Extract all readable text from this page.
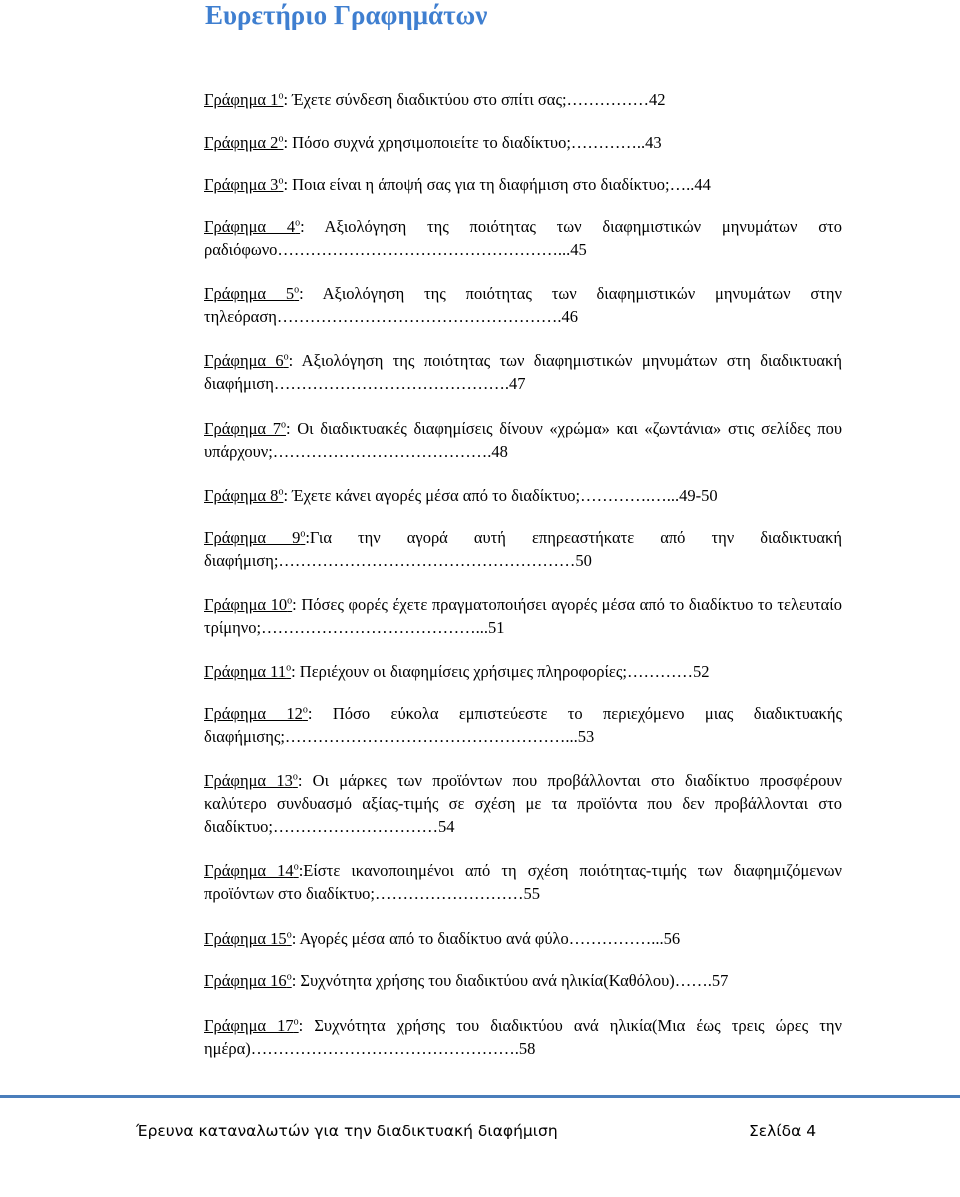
Ευρετήριο Γραφημάτων
Γράφημα $1^o$: Έχετε σύνδεση διαδικτύου στο σπίτι σας;……………42
Γράφημα $2^o$: Πόσο συχνά χρησιμοποιείτε το διαδίκτυο;…………..43
Γράφημα $3^o$: Ποια είναι η άποψή σας για τη διαφήμιση στο διαδίκτυο;…..44
Γράφημα $4^o$: Αξιολόγηση της ποιότητας των διαφημιστικών μηνυμάτων στο ραδιόφωνο……………………………………………...45
Γράφημα $5^o$: Αξιολόγηση της ποιότητας των διαφημιστικών μηνυμάτων στην τηλεόραση…………………………………………….46
Γράφημα $6^o$: Αξιολόγηση της ποιότητας των διαφημιστικών μηνυμάτων στη διαδικτυακή διαφήμιση…………………………………….47
Γράφημα $7^o$: Οι διαδικτυακές διαφημίσεις δίνουν «χρώμα» και «ζωντάνια» στις σελίδες που υπάρχουν;………………………………….48
Γράφημα $8^o$: Έχετε κάνει αγορές μέσα από το διαδίκτυο;………….…...49-50
Γράφημα $9^o:\Gamma\iota\alpha$ την αγορά αυτή επηρεαστήκατε από την διαδικτυακή διαφήμιση;………………………………………………50
Γράφημα $10^o$: Πόσες φορές έχετε πραγματοποιήσει αγορές μέσα από το διαδίκτυο το τελευταίο τρίμηνο;…………………………………...51
Γράφημα $11^o$: Περιέχουν οι διαφημίσεις χρήσιμες πληροφορίες;…………52
Γράφημα $12^o$: Πόσο εύκολα εμπιστεύεστε το περιεχόμενο μιας διαδικτυακής διαφήμισης;……………………………………………...53
Γράφημα $13^o$: Οι μάρκες των προϊόντων που προβάλλονται στο διαδίκτυο προσφέρουν καλύτερο συνδυασμό αξίας-τιμής σε σχέση με τα προϊόντα που δεν προβάλλονται στο διαδίκτυο;…………………………54
Γράφημα $14^o:Eί\sigma\tau\varepsilon$ ικανοποιημένοι από τη σχέση ποιότητας-τιμής των διαφημιζόμενων προϊόντων στο διαδίκτυο;………………………55
Γράφημα $15^o$: Αγορές μέσα από το διαδίκτυο ανά φύλο……………...56
Γράφημα $16^o$: Συχνότητα χρήσης του διαδικτύου ανά ηλικία(Καθόλου)…….57
Γράφημα $17^o$: Συχνότητα χρήσης του διαδικτύου ανά ηλικία(Μια έως τρεις ώρες την ημέρα)………………………………………….58
Έρευνα καταναλωτών για την διαδικτυακή διαφήμιση	Σελίδα 4
